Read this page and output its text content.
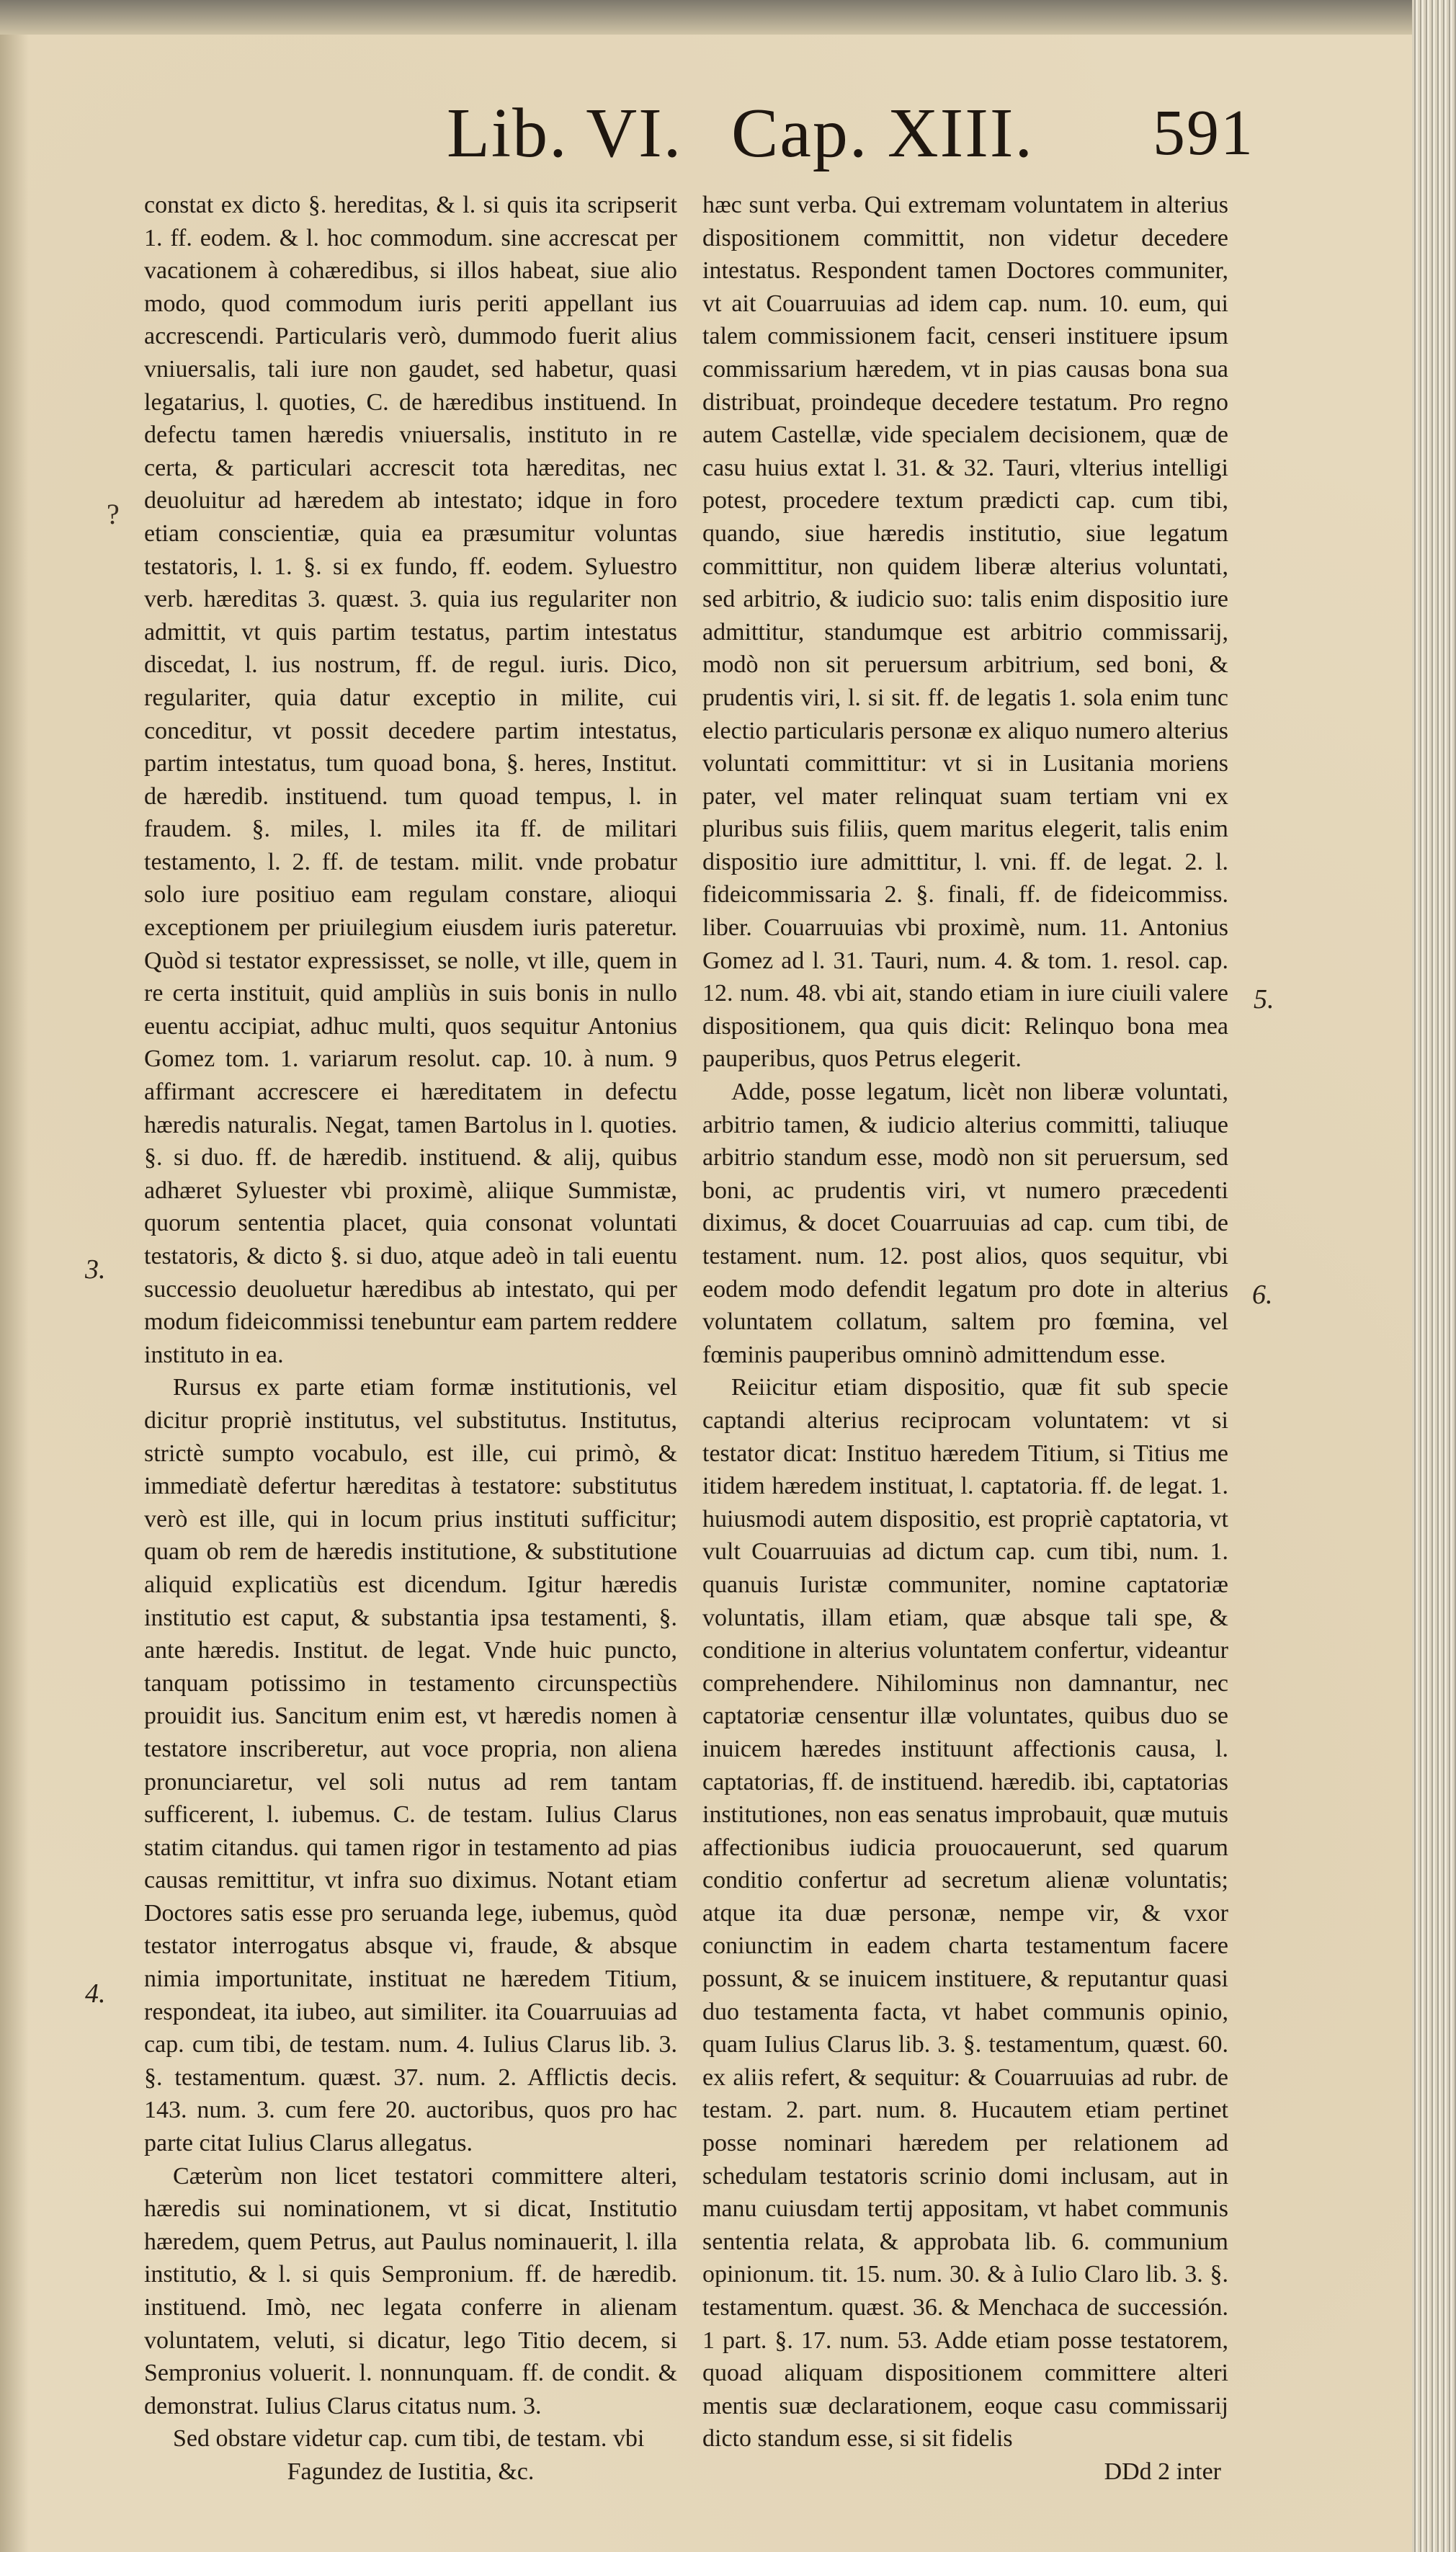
Lib. VI. Cap. XIII. 591

constat ex dicto §. hereditas, & l. si quis ita scripserit 1. ff. eodem. & l. hoc commodum. sine accrescat per vacationem à cohæredibus, si illos habeat, siue alio modo, quod commodum iuris periti appellant ius accrescendi. Particularis verò, dummodo fuerit alius vniuersalis, tali iure non gaudet, sed habetur, quasi legatarius, l. quoties, C. de hæredibus instituend. In defectu tamen hæredis vniuersalis, instituto in re certa, & particulari accrescit tota hæreditas, nec deuoluitur ad hæredem ab intestato; idque in foro etiam conscientiæ, quia ea præsumitur voluntas testatoris, l. 1. §. si ex fundo, ff. eodem. Syluestro verb. hæreditas 3. quæst. 3. quia ius regulariter non admittit, vt quis partim testatus, partim intestatus discedat, l. ius nostrum, ff. de regul. iuris. Dico, regulariter, quia datur exceptio in milite, cui conceditur, vt possit decedere partim intestatus, partim intestatus, tum quoad bona, §. heres, Institut. de hæredib. instituend. tum quoad tempus, l. in fraudem. §. miles, l. miles ita ff. de militari testamento, l. 2. ff. de testam. milit. vnde probatur solo iure positiuo eam regulam constare, alioqui exceptionem per priuilegium eiusdem iuris pateretur. Quòd si testator expressisset, se nolle, vt ille, quem in re certa instituit, quid ampliùs in suis bonis in nullo euentu accipiat, adhuc multi, quos sequitur Antonius Gomez tom. 1. variarum resolut. cap. 10. à num. 9 affirmant accrescere ei hæreditatem in defectu hæredis naturalis. Negat, tamen Bartolus in l. quoties. §. si duo. ff. de hæredib. instituend. & alij, quibus adhæret Syluester vbi proximè, aliique Summistæ, quorum sententia placet, quia consonat voluntati testatoris, & dicto §. si duo, atque adeò in tali euentu successio deuoluetur hæredibus ab intestato, qui per modum fideicommissi tenebuntur eam partem reddere instituto in ea.

Rursus ex parte etiam formæ institutionis, vel dicitur propriè institutus, vel substitutus. Institutus, strictè sumpto vocabulo, est ille, cui primò, & immediatè defertur hæreditas à testatore: substitutus verò est ille, qui in locum prius instituti sufficitur; quam ob rem de hæredis institutione, & substitutione aliquid explicatiùs est dicendum. Igitur hæredis institutio est caput, & substantia ipsa testamenti, §. ante hæredis. Institut. de legat. Vnde huic puncto, tanquam potissimo in testamento circunspectiùs prouidit ius. Sancitum enim est, vt hæredis nomen à testatore inscriberetur, aut voce propria, non aliena pronunciaretur, vel soli nutus ad rem tantam sufficerent, l. iubemus. C. de testam. Iulius Clarus statim citandus. qui tamen rigor in testamento ad pias causas remittitur, vt infra suo diximus. Notant etiam Doctores satis esse pro seruanda lege, iubemus, quòd testator interrogatus absque vi, fraude, & absque nimia importunitate, instituat ne hæredem Titium, respondeat, ita iubeo, aut similiter. ita Couarruuias ad cap. cum tibi, de testam. num. 4. Iulius Clarus lib. 3. §. testamentum. quæst. 37. num. 2. Afflictis decis. 143. num. 3. cum fere 20. auctoribus, quos pro hac parte citat Iulius Clarus allegatus.

Cæterùm non licet testatori committere alteri, hæredis sui nominationem, vt si dicat, Institutio hæredem, quem Petrus, aut Paulus nominauerit, l. illa institutio, & l. si quis Sempronium. ff. de hæredib. instituend. Imò, nec legata conferre in alienam voluntatem, veluti, si dicatur, lego Titio decem, si Sempronius voluerit. l. nonnunquam. ff. de condit. & demonstrat. Iulius Clarus citatus num. 3.

Sed obstare videtur cap. cum tibi, de testam. vbi

Fagundez de Iustitia, &c.

hæc sunt verba. Qui extremam voluntatem in alterius dispositionem committit, non videtur decedere intestatus. Respondent tamen Doctores communiter, vt ait Couarruuias ad idem cap. num. 10. eum, qui talem commissionem facit, censeri instituere ipsum commissarium hæredem, vt in pias causas bona sua distribuat, proindeque decedere testatum. Pro regno autem Castellæ, vide specialem decisionem, quæ de casu huius extat l. 31. & 32. Tauri, vlterius intelligi potest, procedere textum prædicti cap. cum tibi, quando, siue hæredis institutio, siue legatum committitur, non quidem liberæ alterius voluntati, sed arbitrio, & iudicio suo: talis enim dispositio iure admittitur, standumque est arbitrio commissarij, modò non sit peruersum arbitrium, sed boni, & prudentis viri, l. si sit. ff. de legatis 1. sola enim tunc electio particularis personæ ex aliquo numero alterius voluntati committitur: vt si in Lusitania moriens pater, vel mater relinquat suam tertiam vni ex pluribus suis filiis, quem maritus elegerit, talis enim dispositio iure admittitur, l. vni. ff. de legat. 2. l. fideicommissaria 2. §. finali, ff. de fideicommiss. liber. Couarruuias vbi proximè, num. 11. Antonius Gomez ad l. 31. Tauri, num. 4. & tom. 1. resol. cap. 12. num. 48. vbi ait, stando etiam in iure ciuili valere dispositionem, qua quis dicit: Relinquo bona mea pauperibus, quos Petrus elegerit.

Adde, posse legatum, licèt non liberæ voluntati, arbitrio tamen, & iudicio alterius committi, taliuque arbitrio standum esse, modò non sit peruersum, sed boni, ac prudentis viri, vt numero præcedenti diximus, & docet Couarruuias ad cap. cum tibi, de testament. num. 12. post alios, quos sequitur, vbi eodem modo defendit legatum pro dote in alterius voluntatem collatum, saltem pro fœmina, vel fœminis pauperibus omninò admittendum esse.

Reiicitur etiam dispositio, quæ fit sub specie captandi alterius reciprocam voluntatem: vt si testator dicat: Instituo hæredem Titium, si Titius me itidem hæredem instituat, l. captatoria. ff. de legat. 1. huiusmodi autem dispositio, est propriè captatoria, vt vult Couarruuias ad dictum cap. cum tibi, num. 1. quanuis Iuristæ communiter, nomine captatoriæ voluntatis, illam etiam, quæ absque tali spe, & conditione in alterius voluntatem confertur, videantur comprehendere. Nihilominus non damnantur, nec captatoriæ censentur illæ voluntates, quibus duo se inuicem hæredes instituunt affectionis causa, l. captatorias, ff. de instituend. hæredib. ibi, captatorias institutiones, non eas senatus improbauit, quæ mutuis affectionibus iudicia prouocauerunt, sed quarum conditio confertur ad secretum alienæ voluntatis; atque ita duæ personæ, nempe vir, & vxor coniunctim in eadem charta testamentum facere possunt, & se inuicem instituere, & reputantur quasi duo testamenta facta, vt habet communis opinio, quam Iulius Clarus lib. 3. §. testamentum, quæst. 60. ex aliis refert, & sequitur: & Couarruuias ad rubr. de testam. 2. part. num. 8. Hucautem etiam pertinet posse nominari hæredem per relationem ad schedulam testatoris scrinio domi inclusam, aut in manu cuiusdam tertij appositam, vt habet communis sententia relata, & approbata lib. 6. communium opinionum. tit. 15. num. 30. & à Iulio Claro lib. 3. §. testamentum. quæst. 36. & Menchaca de successión. 1 part. §. 17. num. 53. Adde etiam posse testatorem, quoad aliquam dispositionem committere alteri mentis suæ declarationem, eoque casu commissarij dicto standum esse, si sit fidelis

DDd 2 inter

3.
4.
5.
6.
?
